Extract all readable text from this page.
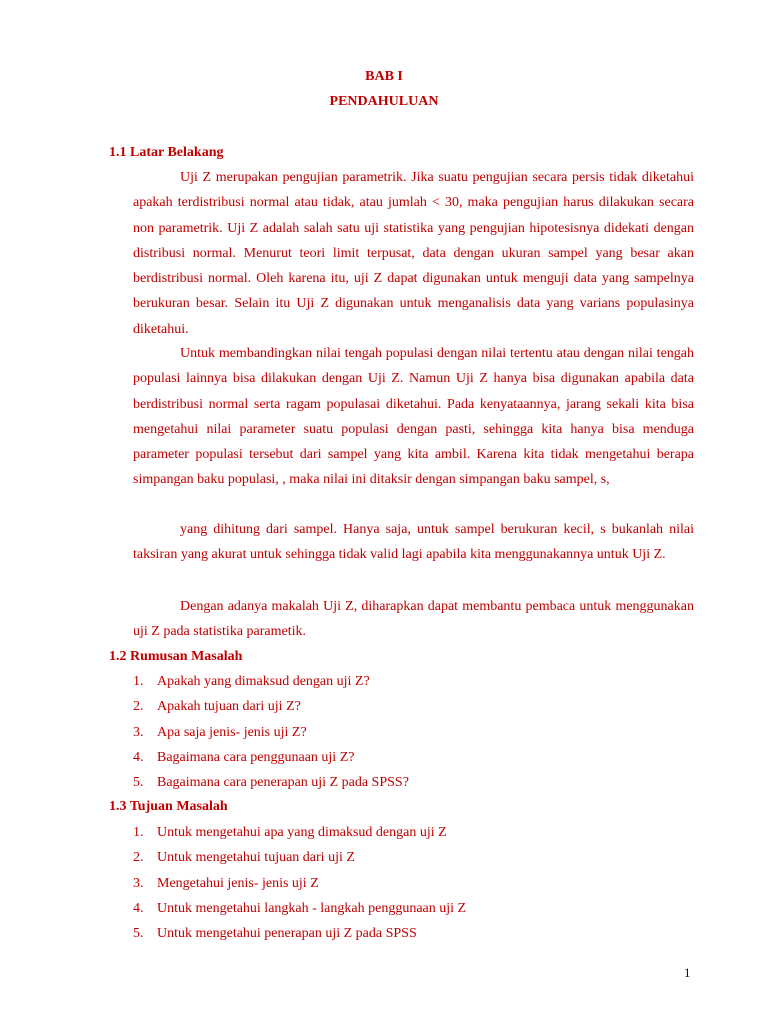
BAB I
PENDAHULUAN
1.1 Latar Belakang
Uji Z merupakan pengujian parametrik. Jika suatu pengujian secara persis tidak diketahui apakah terdistribusi normal atau tidak, atau jumlah < 30, maka pengujian harus dilakukan secara non parametrik. Uji Z adalah salah satu uji statistika yang pengujian hipotesisnya didekati dengan distribusi normal. Menurut teori limit terpusat, data dengan ukuran sampel yang besar akan berdistribusi normal. Oleh karena itu, uji Z dapat digunakan untuk menguji data yang sampelnya berukuran besar. Selain itu Uji Z digunakan untuk menganalisis data yang varians populasinya diketahui.
Untuk membandingkan nilai tengah populasi dengan nilai tertentu atau dengan nilai tengah populasi lainnya bisa dilakukan dengan Uji Z. Namun Uji Z hanya bisa digunakan apabila data berdistribusi normal serta ragam populasai diketahui. Pada kenyataannya, jarang sekali kita bisa mengetahui nilai parameter suatu populasi dengan pasti, sehingga kita hanya bisa menduga parameter populasi tersebut dari sampel yang kita ambil. Karena kita tidak mengetahui berapa simpangan baku populasi, , maka nilai ini ditaksir dengan simpangan baku sampel, s,
yang dihitung dari sampel. Hanya saja, untuk sampel berukuran kecil, s bukanlah nilai taksiran yang akurat untuk sehingga tidak valid lagi apabila kita menggunakannya untuk Uji Z.
Dengan adanya makalah Uji Z, diharapkan dapat membantu pembaca untuk menggunakan uji Z pada statistika parametik.
1.2 Rumusan Masalah
1. Apakah yang dimaksud dengan uji Z?
2. Apakah tujuan dari uji Z?
3. Apa saja jenis- jenis uji Z?
4. Bagaimana cara penggunaan uji Z?
5. Bagaimana cara penerapan uji Z pada SPSS?
1.3 Tujuan Masalah
1. Untuk mengetahui apa yang dimaksud dengan uji Z
2. Untuk mengetahui tujuan dari uji Z
3. Mengetahui jenis- jenis uji Z
4. Untuk mengetahui langkah - langkah penggunaan uji Z
5. Untuk mengetahui penerapan uji Z pada SPSS
1
